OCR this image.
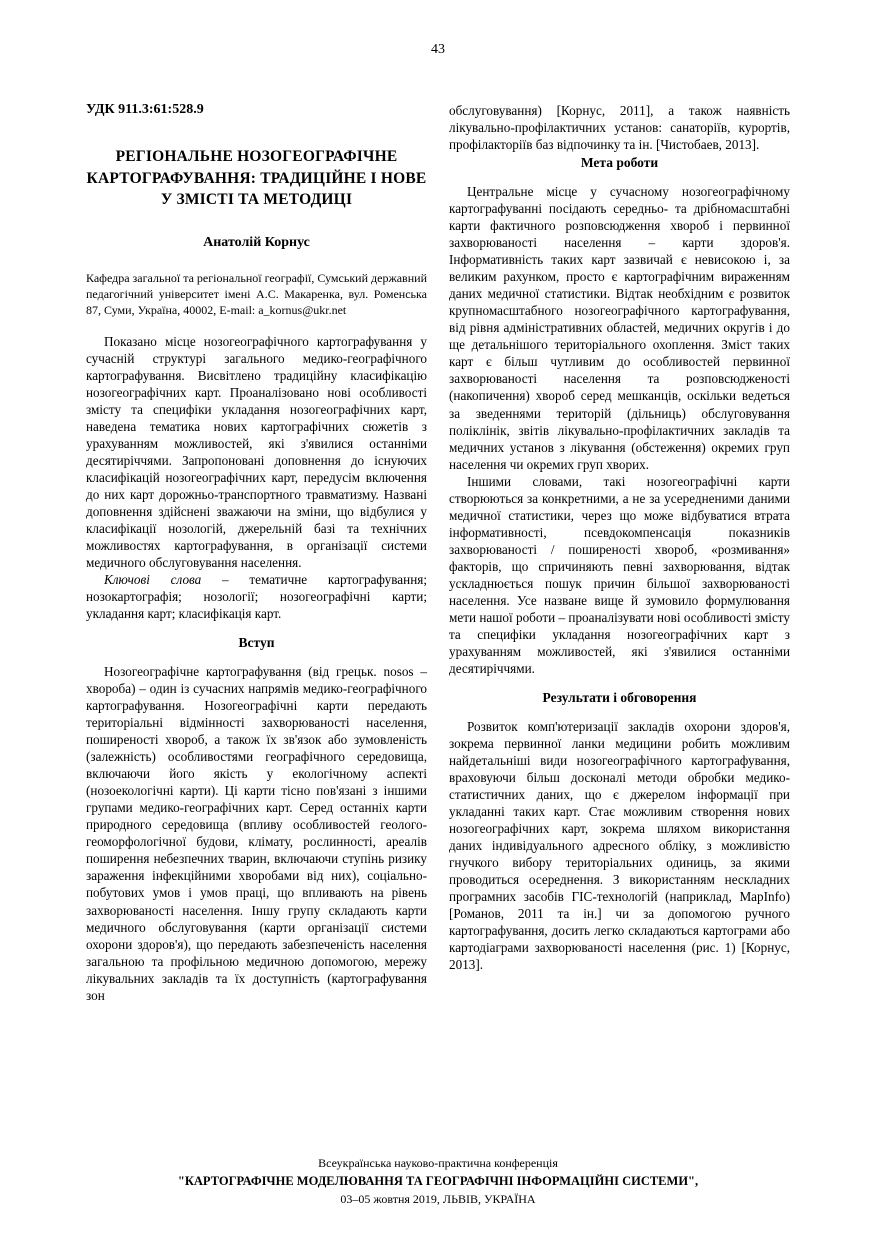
43

УДК 911.3:61:528.9

РЕГІОНАЛЬНЕ НОЗОГЕОГРАФІЧНЕ КАРТОГРАФУВАННЯ: ТРАДИЦІЙНЕ І НОВЕ У ЗМІСТІ ТА МЕТОДИЦІ
Анатолій Корнус

Кафедра загальної та регіональної географії, Сумський державний педагогічний університет імені А.С. Макаренка, вул. Роменська 87, Суми, Україна, 40002, E-mail: a_kornus@ukr.net

Показано місце нозогеографічного картографування у сучасній структурі загального медико-географічного картографування. Висвітлено традиційну класифікацію нозогеографічних карт. Проаналізовано нові особливості змісту та специфіки укладання нозогеографічних карт, наведена тематика нових картографічних сюжетів з урахуванням можливостей, які з'явилися останніми десятиріччями. Запропоновані доповнення до існуючих класифікацій нозогеографічних карт, передусім включення до них карт дорожньо-транспортного травматизму. Названі доповнення здійснені зважаючи на зміни, що відбулися у класифікації нозологій, джерельній базі та технічних можливостях картографування, в організації системи медичного обслуговування населення.

Ключові слова – тематичне картографування; нозокартографія; нозології; нозогеографічні карти; укладання карт; класифікація карт.

Вступ

Нозогеографічне картографування (від грецьк. nosos – хвороба) – один із сучасних напрямів медико-географічного картографування. Нозогеографічні карти передають територіальні відмінності захворюваності населення, поширеності хвороб, а також їх зв'язок або зумовленість (залежність) особливостями географічного середовища, включаючи його якість у екологічному аспекті (нозоекологічні карти). Ці карти тісно пов'язані з іншими групами медико-географічних карт. Серед останніх карти природного середовища (впливу особливостей геолого-геоморфологічної будови, клімату, рослинності, ареалів поширення небезпечних тварин, включаючи ступінь ризику зараження інфекційними хворобами від них), соціально-побутових умов і умов праці, що впливають на рівень захворюваності населення. Іншу групу складають карти медичного обслуговування (карти організації системи охорони здоров'я), що передають забезпеченість населення загальною та профільною медичною допомогою, мережу лікувальних закладів та їх доступність (картографування зон

обслуговування) [Корнус, 2011], а також наявність лікувально-профілактичних установ: санаторіїв, курортів, профілакторіїв баз відпочинку та ін. [Чистобаев, 2013].

Мета роботи

Центральне місце у сучасному нозогеографічному картографуванні посідають середньо- та дрібномасштабні карти фактичного розповсюдження хвороб і первинної захворюваності населення – карти здоров'я. Інформативність таких карт зазвичай є невисокою і, за великим рахунком, просто є картографічним вираженням даних медичної статистики. Відтак необхідним є розвиток крупномасштабного нозогеографічного картографування, від рівня адміністративних областей, медичних округів і до ще детальнішого територіального охоплення. Зміст таких карт є більш чутливим до особливостей первинної захворюваності населення та розповсюдженості (накопичення) хвороб серед мешканців, оскільки ведеться за зведеннями територій (дільниць) обслуговування поліклінік, звітів лікувально-профілактичних закладів та медичних установ з лікування (обстеження) окремих груп населення чи окремих груп хворих.

Іншими словами, такі нозогеографічні карти створюються за конкретними, а не за усередненими даними медичної статистики, через що може відбуватися втрата інформативності, псевдокомпенсація показників захворюваності / поширеності хвороб, «розмивання» факторів, що спричиняють певні захворювання, відтак ускладнюється пошук причин більшої захворюваності населення. Усе назване вище й зумовило формулювання мети нашої роботи – проаналізувати нові особливості змісту та специфіки укладання нозогеографічних карт з урахуванням можливостей, які з'явилися останніми десятиріччями.

Результати і обговорення

Розвиток комп'ютеризації закладів охорони здоров'я, зокрема первинної ланки медицини робить можливим найдетальніші види нозогеографічного картографування, враховуючи більш досконалі методи обробки медико-статистичних даних, що є джерелом інформації при укладанні таких карт. Стає можливим створення нових нозогеографічних карт, зокрема шляхом використання даних індивідуального адресного обліку, з можливістю гнучкого вибору територіальних одиниць, за якими проводиться осереднення. З використанням нескладних програмних засобів ГІС-технологій (наприклад, MapInfo) [Романов, 2011 та ін.] чи за допомогою ручного картографування, досить легко складаються картограми або картодіаграми захворюваності населення (рис. 1) [Корнус, 2013].

Всеукраїнська науково-практична конференція
"КАРТОГРАФІЧНЕ МОДЕЛЮВАННЯ ТА ГЕОГРАФІЧНІ ІНФОРМАЦІЙНІ СИСТЕМИ",
03–05 жовтня 2019, ЛЬВІВ, УКРАЇНА
